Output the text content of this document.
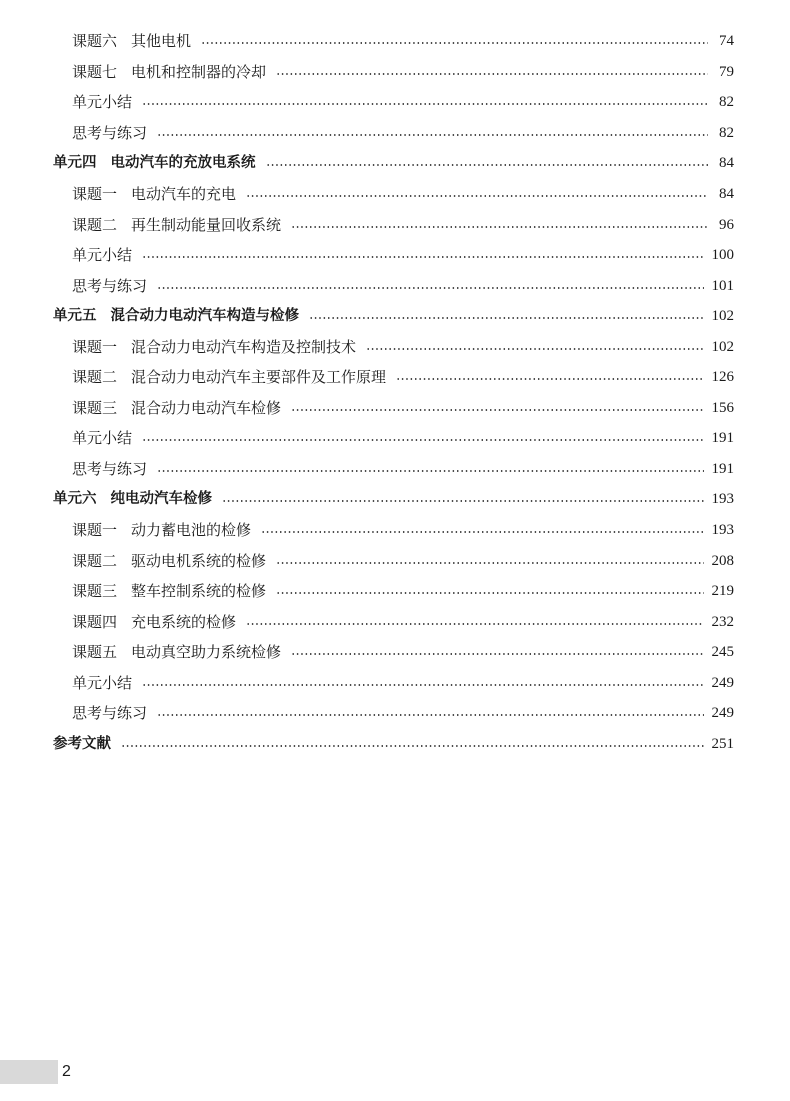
课题六 其他电机	74
课题七 电机和控制器的冷却	79
单元小结	82
思考与练习	82
单元四 电动汽车的充放电系统	84
课题一 电动汽车的充电	84
课题二 再生制动能量回收系统	96
单元小结	100
思考与练习	101
单元五 混合动力电动汽车构造与检修	102
课题一 混合动力电动汽车构造及控制技术	102
课题二 混合动力电动汽车主要部件及工作原理	126
课题三 混合动力电动汽车检修	156
单元小结	191
思考与练习	191
单元六 纯电动汽车检修	193
课题一 动力蓄电池的检修	193
课题二 驱动电机系统的检修	208
课题三 整车控制系统的检修	219
课题四 充电系统的检修	232
课题五 电动真空助力系统检修	245
单元小结	249
思考与练习	249
参考文献	251
2
